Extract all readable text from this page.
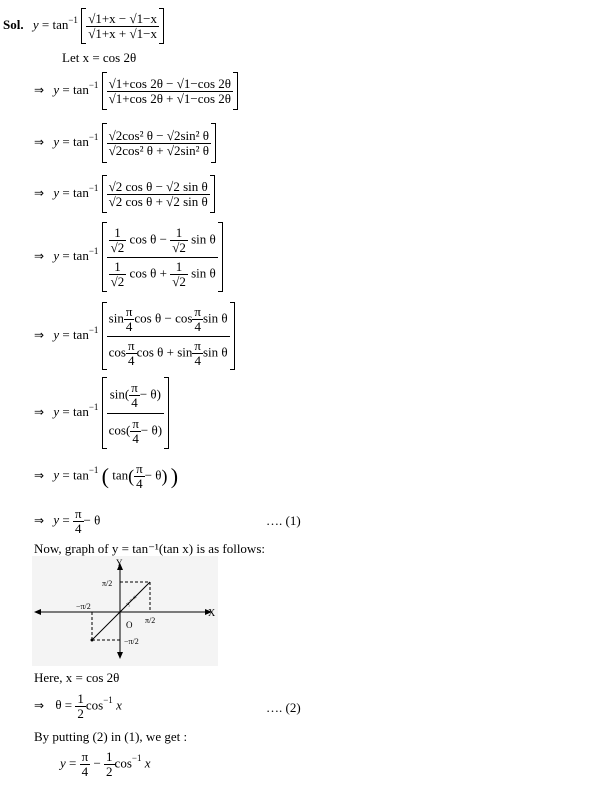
Sol. $y = \tan^{-1} \frac{√1+x - √1-x}{√1+x + √1-x}$
Let x = cos 2θ
⇒ $y = \tan^{-1} \frac{√1+\cos 2\theta - √1-\cos 2\theta}{√1+\cos 2\theta + √1-\cos 2\theta}$
⇒ $y = \tan^{-1} \frac{\text{√2cos² θ − √2sin² θ}}{\text{√2cos² θ + √2sin² θ}}$
⇒ $y = \tan^{-1} \frac{\text{√2 cos θ − √2 sin θ}}{\text{√2 cos θ + √2 sin θ}}$
⇒ $y = \tan^{-1} \frac{\frac{1}{√2} \cos \theta - \frac{1}{√2} \sin \theta}{\frac{1}{√2} \cos \theta + \frac{1}{√2} \sin \theta}$
⇒ $y = \tan^{-1} \frac{\sin \frac{\pi}{4} \cos \theta - \cos \frac{\pi}{4} \sin \theta}{\cos \frac{\pi}{4} \cos \theta + \sin \frac{\pi}{4} \sin \theta}$
⇒ $y = \tan^{-1} \frac{\sin( \frac{\pi}{4} - \theta)}{\cos( \frac{\pi}{4} - \theta)}$
⇒ $y = \tan^{-1}$ ( $\tan( \frac{\pi}{4} - \theta)$ )
⇒ $y = \frac{\pi}{4} - \theta$	…. (1)
Now, graph of y = tan⁻¹(tan x) is as follows:
Y
X
π/2
−π/2
π/2
−π/2
O
y = x
Here, x = cos 2θ
⇒ $\theta = \frac{1}{2} \cos^{-1} x$	…. (2)
By putting (2) in (1), we get :
$y = \frac{\pi}{4} - \frac{1}{2} \cos^{-1} x$
